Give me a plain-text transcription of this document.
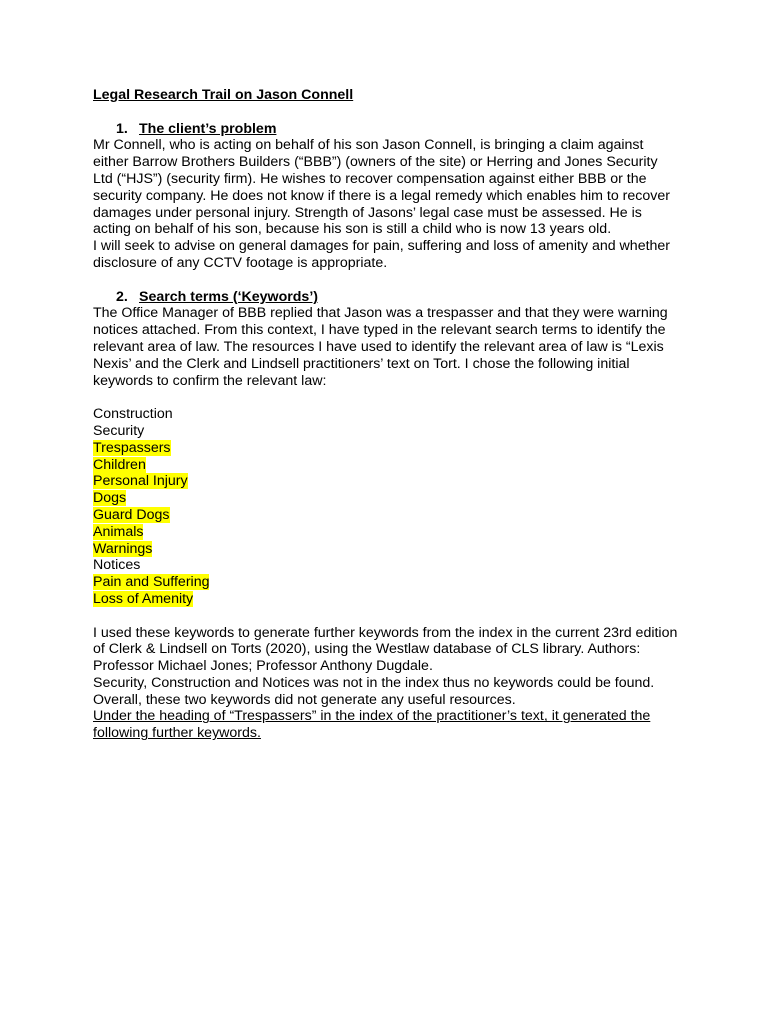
Legal Research Trail on Jason Connell

1. The client’s problem

Mr Connell, who is acting on behalf of his son Jason Connell, is bringing a claim against either Barrow Brothers Builders (“BBB”) (owners of the site) or Herring and Jones Security Ltd (“HJS”) (security firm). He wishes to recover compensation against either BBB or the security company. He does not know if there is a legal remedy which enables him to recover damages under personal injury. Strength of Jasons’ legal case must be assessed. He is acting on behalf of his son, because his son is still a child who is now 13 years old.

I will seek to advise on general damages for pain, suffering and loss of amenity and whether disclosure of any CCTV footage is appropriate.

2. Search terms (‘Keywords’)

The Office Manager of BBB replied that Jason was a trespasser and that they were warning notices attached. From this context, I have typed in the relevant search terms to identify the relevant area of law. The resources I have used to identify the relevant area of law is “Lexis Nexis’ and the Clerk and Lindsell practitioners’ text on Tort. I chose the following initial keywords to confirm the relevant law:

Construction
Security
Trespassers
Children
Personal Injury
Dogs
Guard Dogs
Animals
Warnings
Notices
Pain and Suffering
Loss of Amenity

I used these keywords to generate further keywords from the index in the current 23rd edition of Clerk & Lindsell on Torts (2020), using the Westlaw database of CLS library. Authors: Professor Michael Jones; Professor Anthony Dugdale.

Security, Construction and Notices was not in the index thus no keywords could be found. Overall, these two keywords did not generate any useful resources.

Under the heading of “Trespassers” in the index of the practitioner’s text, it generated the following further keywords.
